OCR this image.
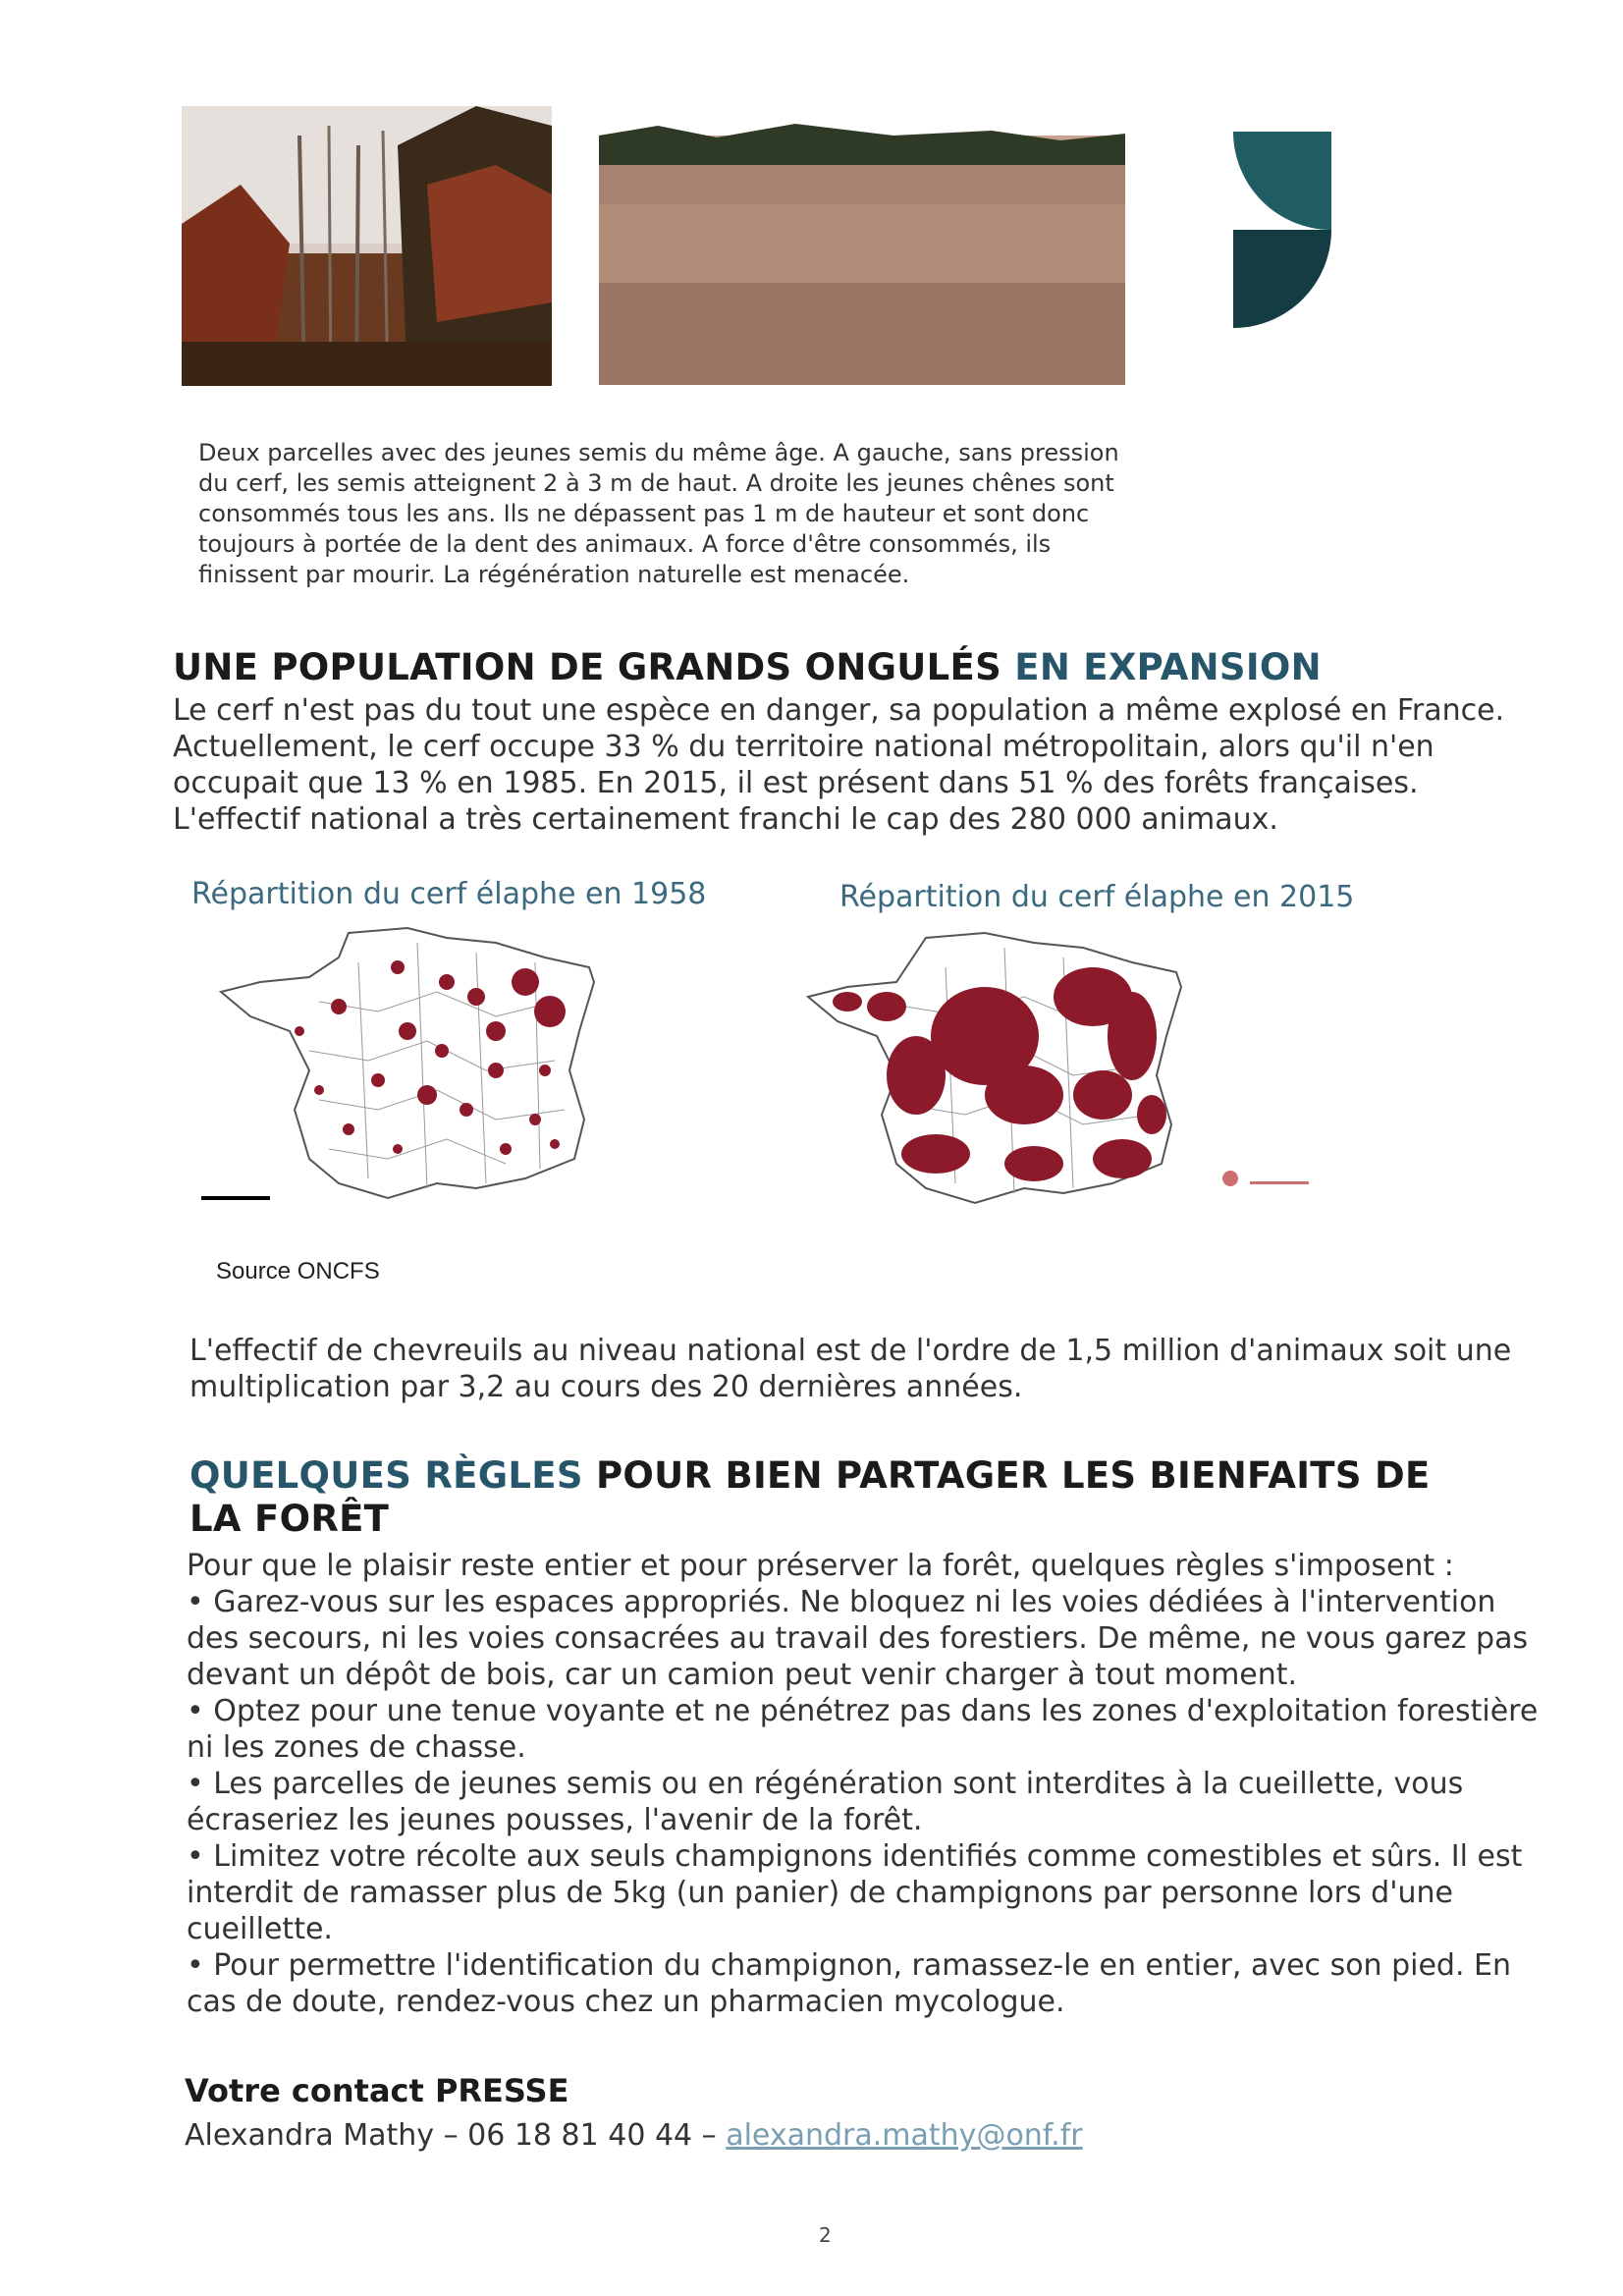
Deux parcelles avec des jeunes semis du même âge. A gauche, sans pression du cerf, les semis atteignent 2 à 3 m de haut. A droite les jeunes chênes sont consommés tous les ans. Ils ne dépassent pas 1 m de hauteur et sont donc toujours à portée de la dent des animaux. A force d'être consommés, ils finissent par mourir. La régénération naturelle est menacée.
UNE POPULATION DE GRANDS ONGULÉS EN EXPANSION
Le cerf n'est pas du tout une espèce en danger, sa population a même explosé en France. Actuellement, le cerf occupe 33 % du territoire national métropolitain, alors qu'il n'en occupait que 13 % en 1985. En 2015, il est présent dans 51 % des forêts françaises. L'effectif national a très certainement franchi le cap des 280 000 animaux.
Répartition du cerf élaphe en 1958	Répartition du cerf élaphe en 2015
Source ONCFS
L'effectif de chevreuils au niveau national est de l'ordre de 1,5 million d'animaux soit une multiplication par 3,2 au cours des 20 dernières années.
QUELQUES RÈGLES POUR BIEN PARTAGER LES BIENFAITS DE LA FORÊT

Pour que le plaisir reste entier et pour préserver la forêt, quelques règles s'imposent :

• Garez-vous sur les espaces appropriés. Ne bloquez ni les voies dédiées à l'intervention des secours, ni les voies consacrées au travail des forestiers. De même, ne vous garez pas devant un dépôt de bois, car un camion peut venir charger à tout moment.

• Optez pour une tenue voyante et ne pénétrez pas dans les zones d'exploitation forestière ni les zones de chasse.

• Les parcelles de jeunes semis ou en régénération sont interdites à la cueillette, vous écraseriez les jeunes pousses, l'avenir de la forêt.

• Limitez votre récolte aux seuls champignons identifiés comme comestibles et sûrs. Il est interdit de ramasser plus de 5kg (un panier) de champignons par personne lors d'une cueillette.

• Pour permettre l'identification du champignon, ramassez-le en entier, avec son pied. En cas de doute, rendez-vous chez un pharmacien mycologue.

Votre contact PRESSE
Alexandra Mathy – 06 18 81 40 44 – alexandra.mathy@onf.fr
2
